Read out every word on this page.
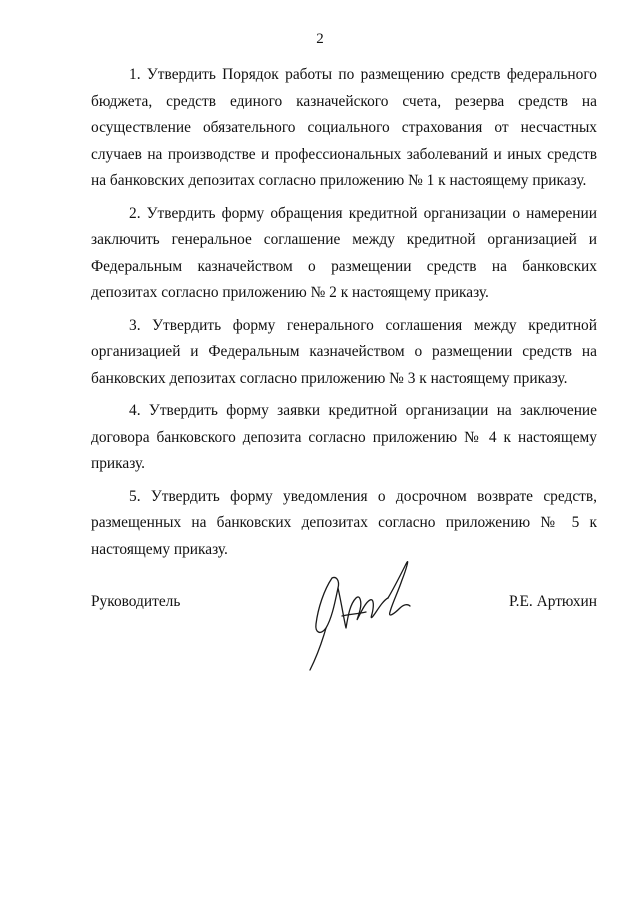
2

1. Утвердить Порядок работы по размещению средств федерального бюджета, средств единого казначейского счета, резерва средств на осуществление обязательного социального страхования от несчастных случаев на производстве и профессиональных заболеваний и иных средств на банковских депозитах согласно приложению № 1 к настоящему приказу.

2. Утвердить форму обращения кредитной организации о намерении заключить генеральное соглашение между кредитной организацией и Федеральным казначейством о размещении средств на банковских депозитах согласно приложению № 2 к настоящему приказу.

3. Утвердить форму генерального соглашения между кредитной организацией и Федеральным казначейством о размещении средств на банковских депозитах согласно приложению № 3 к настоящему приказу.

4. Утвердить форму заявки кредитной организации на заключение договора банковского депозита согласно приложению № 4 к настоящему приказу.

5. Утвердить форму уведомления о досрочном возврате средств, размещенных на банковских депозитах согласно приложению № 5 к настоящему приказу.

Руководитель	Р.Е. Артюхин
